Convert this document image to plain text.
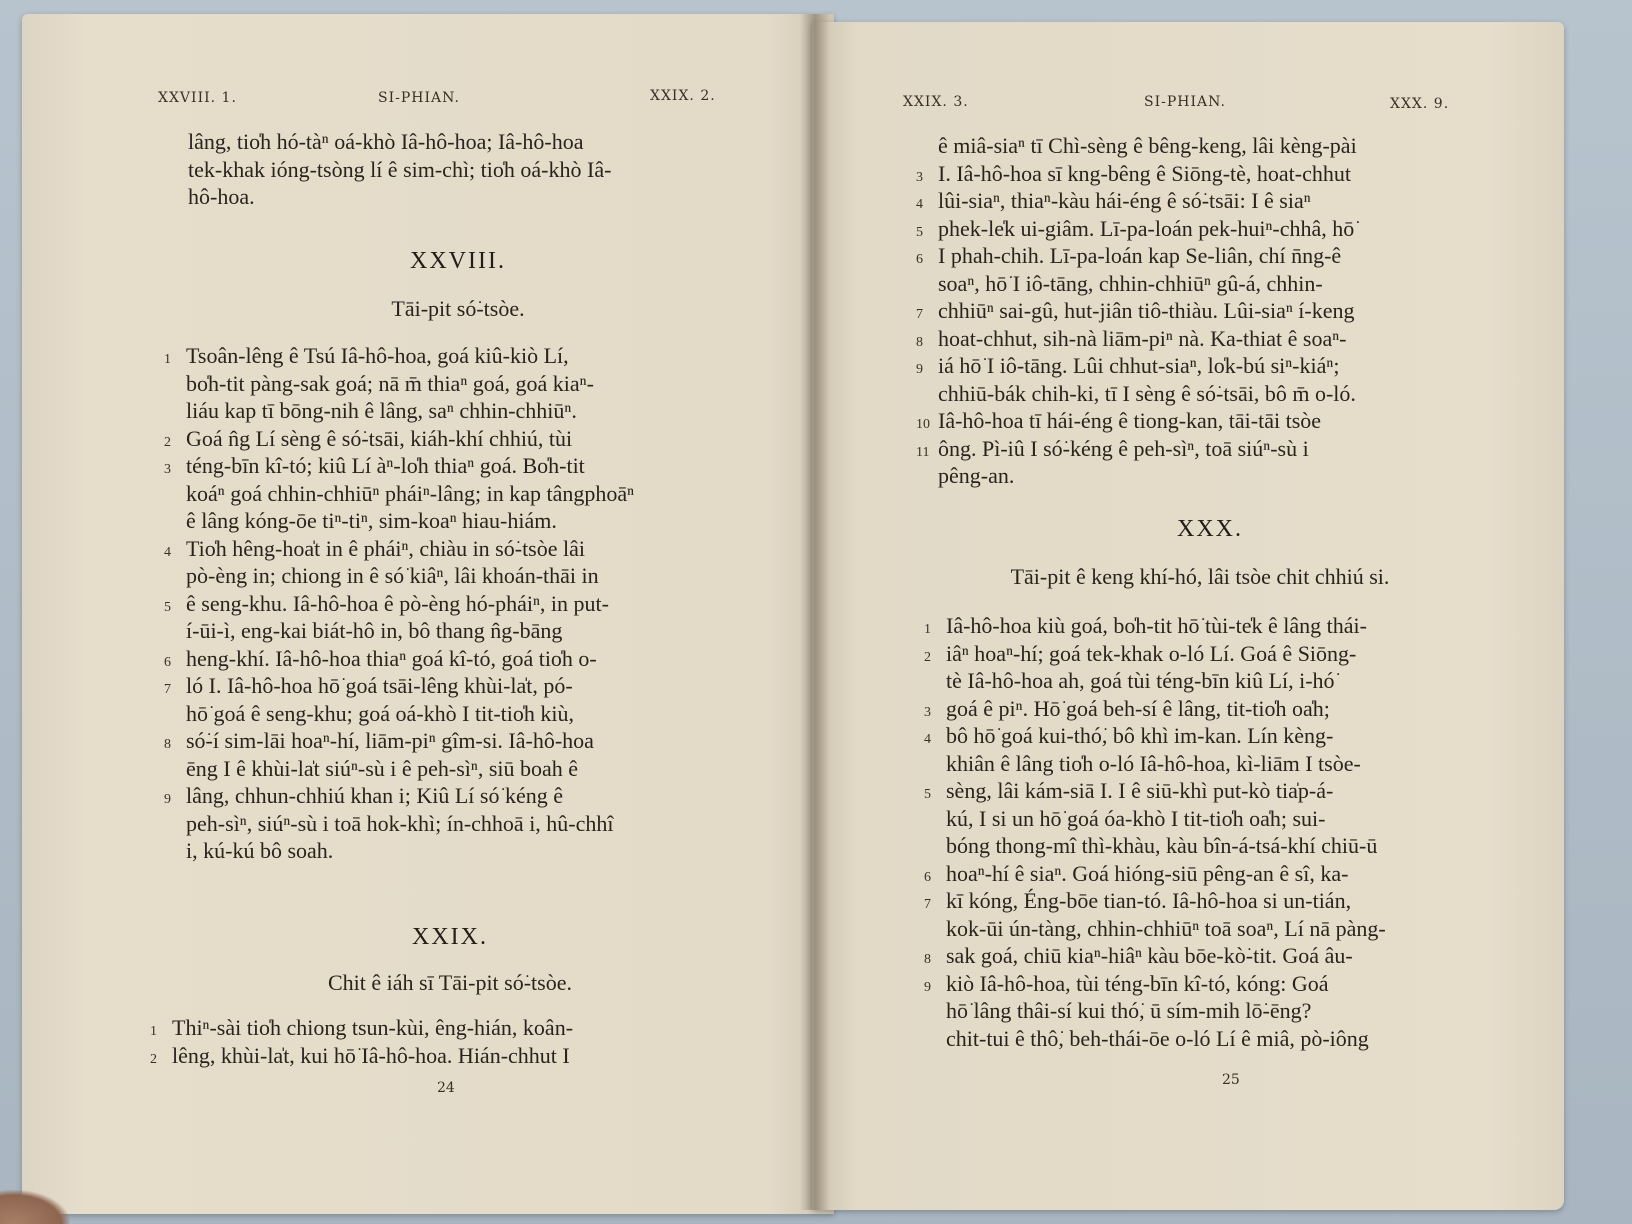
XXVIII. 1.	SI-PHIAN.	XXIX. 2.
lâng, tio̍h hó-tàⁿ oá-khò Iâ-hô-hoa; Iâ-hô-hoa
tek-khak ióng-tsòng lí ê sim-chì; tio̍h oá-khò Iâ-
hô-hoa.
XXVIII.
Tāi-pit só͘-tsòe.
1 Tsoân-lêng ê Tsú Iâ-hô-hoa, goá kiû-kiò Lí,
bo̍h-tit pàng-sak goá; nā m̄ thiaⁿ goá, goá kiaⁿ-
liáu kap tī bōng-nih ê lâng, saⁿ chhin-chhiūⁿ.
2 Goá n̂g Lí sèng ê só͘-tsāi, kiáh-khí chhiú, tùi
3 téng-bīn kî-tó; kiû Lí àⁿ-lo̍h thiaⁿ goá. Bo̍h-tit
koáⁿ goá chhin-chhiūⁿ pháiⁿ-lâng; in kap tângphoāⁿ
ê lâng kóng-ōe tiⁿ-tiⁿ, sim-koaⁿ hiau-hiám.
4 Tio̍h hêng-hoa̍t in ê pháiⁿ, chiàu in só͘-tsòe lâi
pò-èng in; chiong in ê só͘ kiâⁿ, lâi khoán-thāi in
5 ê seng-khu. Iâ-hô-hoa ê pò-èng hó-pháiⁿ, in put-
í-ūi-ì, eng-kai biát-hô in, bô thang n̂g-bāng
6 heng-khí. Iâ-hô-hoa thiaⁿ goá kî-tó, goá tio̍h o-
7 ló I. Iâ-hô-hoa hō͘ goá tsāi-lêng khùi-la̍t, pó-
hō͘ goá ê seng-khu; goá oá-khò I tit-tio̍h kiù,
8 só͘-í sim-lāi hoaⁿ-hí, liām-piⁿ gîm-si. Iâ-hô-hoa
ēng I ê khùi-la̍t siúⁿ-sù i ê peh-sìⁿ, siū boah ê
9 lâng, chhun-chhiú khan i; Kiû Lí só͘ kéng ê
peh-sìⁿ, siúⁿ-sù i toā hok-khì; ín-chhoā i, hû-chhî
i, kú-kú bô soah.
XXIX.
Chit ê iáh sī Tāi-pit só͘-tsòe.
1 Thiⁿ-sài tio̍h chiong tsun-kùi, êng-hián, koân-
2 lêng, khùi-la̍t, kui hō͘ Iâ-hô-hoa. Hián-chhut I
24
XXIX. 3.	SI-PHIAN.	XXX. 9.
ê miâ-siaⁿ tī Chì-sèng ê bêng-keng, lâi kèng-pài
3 I. Iâ-hô-hoa sī kng-bêng ê Siōng-tè, hoat-chhut
4 lûi-siaⁿ, thiaⁿ-kàu hái-éng ê só͘-tsāi: I ê siaⁿ
5 phek-le̍k ui-giâm. Lī-pa-loán pek-huiⁿ-chhâ, hō͘
6 I phah-chih. Lī-pa-loán kap Se-liân, chí n̄ng-ê
soaⁿ, hō͘ I iô-tāng, chhin-chhiūⁿ gû-á, chhin-
7 chhiūⁿ sai-gû, hut-jiân tiô-thiàu. Lûi-siaⁿ í-keng
8 hoat-chhut, sih-nà liām-piⁿ nà. Ka-thiat ê soaⁿ-
9 iá hō͘ I iô-tāng. Lûi chhut-siaⁿ, lo̍k-bú siⁿ-kiáⁿ;
chhiū-bák chih-ki, tī I sèng ê só͘-tsāi, bô m̄ o-ló.
10 Iâ-hô-hoa tī hái-éng ê tiong-kan, tāi-tāi tsòe
11 ông. Pì-iû I só͘-kéng ê peh-sìⁿ, toā siúⁿ-sù i
pêng-an.
XXX.
Tāi-pit ê keng khí-hó, lâi tsòe chit chhiú si.
1 Iâ-hô-hoa kiù goá, bo̍h-tit hō͘ tùi-te̍k ê lâng thái-
2 iâⁿ hoaⁿ-hí; goá tek-khak o-ló Lí. Goá ê Siōng-
tè Iâ-hô-hoa ah, goá tùi téng-bīn kiû Lí, i-hó͘
3 goá ê piⁿ. Hō͘ goá beh-sí ê lâng, tit-tio̍h oa̍h;
4 bô hō͘ goá kui-thó͘, bô khì im-kan. Lín kèng-
khiân ê lâng tio̍h o-ló Iâ-hô-hoa, kì-liām I tsòe-
5 sèng, lâi kám-siā I. I ê siū-khì put-kò tia̍p-á-
kú, I si un hō͘ goá óa-khò I tit-tio̍h oa̍h; sui-
bóng thong-mî thì-khàu, kàu bîn-á-tsá-khí chiū-ū
6 hoaⁿ-hí ê siaⁿ. Goá hióng-siū pêng-an ê sî, ka-
7 kī kóng, Éng-bōe tian-tó. Iâ-hô-hoa si un-tián,
kok-ūi ún-tàng, chhin-chhiūⁿ toā soaⁿ, Lí nā pàng-
8 sak goá, chiū kiaⁿ-hiâⁿ kàu bōe-kò͘-tit. Goá âu-
9 kiò Iâ-hô-hoa, tùi téng-bīn kî-tó, kóng: Goá
hō͘ lâng thâi-sí kui thó͘, ū sím-mih lō͘-ēng?
chit-tui ê thô͘, beh-thái-ōe o-ló Lí ê miâ, pò-iông
25
